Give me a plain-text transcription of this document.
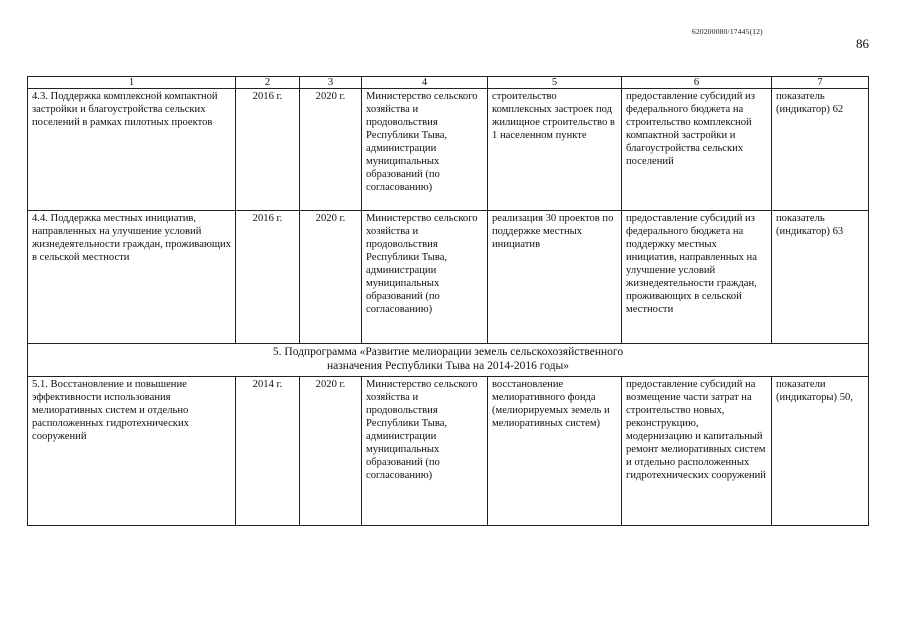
620200080/17445(12)
86
1	2	3	4	5	6	7
4.3. Поддержка комплексной компактной застройки и благоустройства сельских поселений в рамках пилотных проектов	2016 г.	2020 г.	Министерство сельского хозяйства и продовольствия Республики Тыва, администрации муниципальных образований (по согласованию)	строительство комплексных застроек под жилищное строительство в 1 населенном пункте	предоставление субсидий из федерального бюджета на строительство комплексной компактной застройки и благоустройства сельских поселений	показатель (индикатор) 62
4.4. Поддержка местных инициатив, направленных на улучшение условий жизнедеятельности граждан, проживающих в сельской местности	2016 г.	2020 г.	Министерство сельского хозяйства и продовольствия Республики Тыва, администрации муниципальных образований (по согласованию)	реализация 30 проектов по поддержке местных инициатив	предоставление субсидий из федерального бюджета на поддержку местных инициатив, направленных на улучшение условий жизнедеятельности граждан, проживающих в сельской местности	показатель (индикатор) 63

5. Подпрограмма «Развитие мелиорации земель сельскохозяйственного
назначения Республики Тыва на 2014-2016 годы»						

5.1. Восстановление и повышение эффективности использования мелиоративных систем и отдельно расположенных гидротехнических сооружений	2014 г.	2020 г.	Министерство сельского хозяйства и продовольствия Республики Тыва, администрации муниципальных образований (по согласованию)	восстановление мелиоративного фонда (мелиорируемых земель и мелиоративных систем)	предоставление субсидий на возмещение части затрат на строительство новых, реконструкцию, модернизацию и капитальный ремонт мелиоративных систем и отдельно расположенных гидротехнических сооружений	показатели (индикаторы) 50,
